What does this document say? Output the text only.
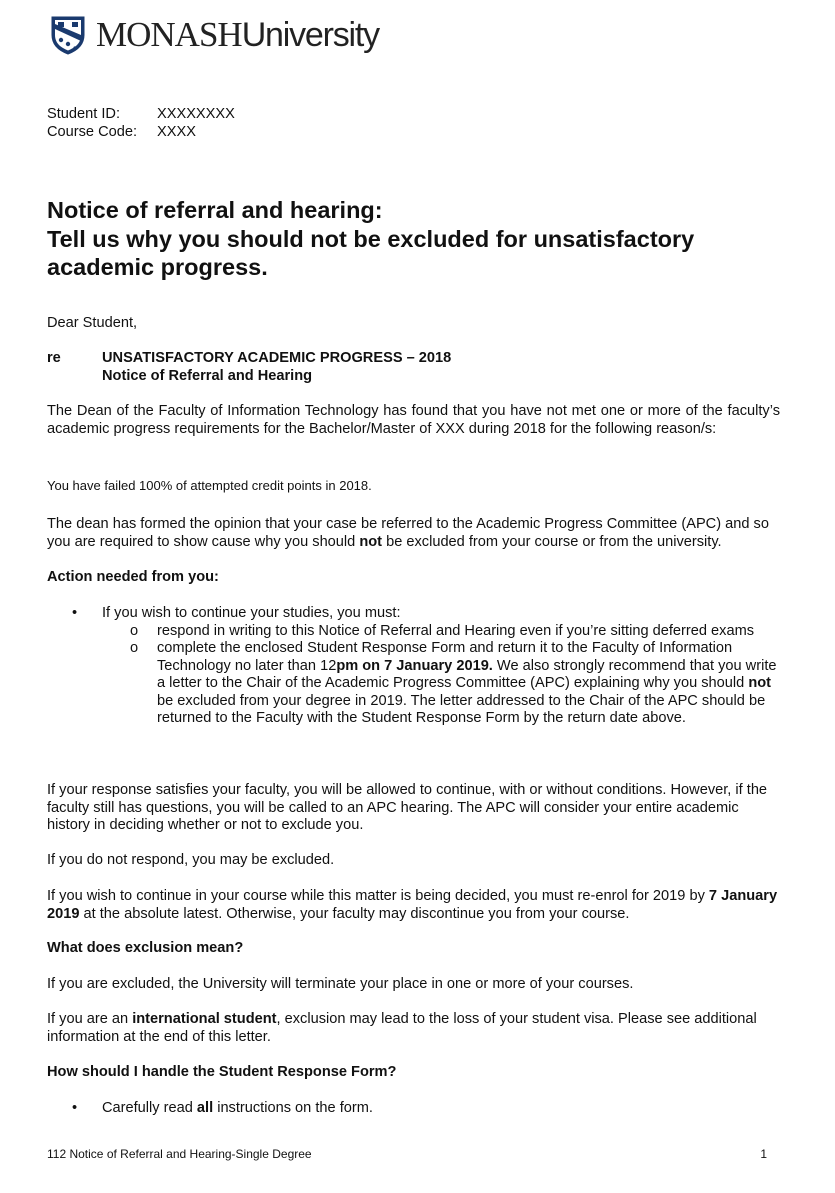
MONASHUniversity
Student ID:	XXXXXXXX
Course Code:	XXXX
Notice of referral and hearing:
Tell us why you should not be excluded for unsatisfactory academic progress.
Dear Student,
re	UNSATISFACTORY ACADEMIC PROGRESS – 2018
Notice of Referral and Hearing
The Dean of the Faculty of Information Technology has found that you have not met one or more of the faculty’s academic progress requirements for the Bachelor/Master of XXX during 2018 for the following reason/s:
You have failed 100% of attempted credit points in 2018.
The dean has formed the opinion that your case be referred to the Academic Progress Committee (APC) and so you are required to show cause why you should not be excluded from your course or from the university.
Action needed from you:
•	If you wish to continue your studies, you must:
o	respond in writing to this Notice of Referral and Hearing even if you’re sitting deferred exams
o	complete the enclosed Student Response Form and return it to the Faculty of Information Technology no later than 12pm on 7 January 2019. We also strongly recommend that you write a letter to the Chair of the Academic Progress Committee (APC) explaining why you should not be excluded from your degree in 2019. The letter addressed to the Chair of the APC should be returned to the Faculty with the Student Response Form by the return date above.
If your response satisfies your faculty, you will be allowed to continue, with or without conditions. However, if the faculty still has questions, you will be called to an APC hearing. The APC will consider your entire academic history in deciding whether or not to exclude you.
If you do not respond, you may be excluded.
If you wish to continue in your course while this matter is being decided, you must re-enrol for 2019 by 7 January 2019 at the absolute latest. Otherwise, your faculty may discontinue you from your course.
What does exclusion mean?
If you are excluded, the University will terminate your place in one or more of your courses.
If you are an international student, exclusion may lead to the loss of your student visa. Please see additional information at the end of this letter.
How should I handle the Student Response Form?
•	Carefully read all instructions on the form.
112 Notice of Referral and Hearing-Single Degree	1
